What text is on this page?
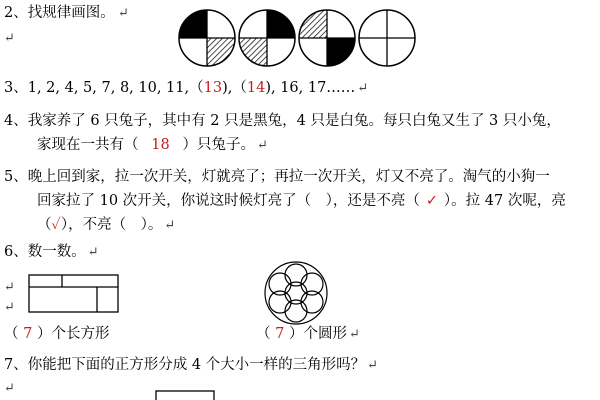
2、找规律画图。 ↵
↵
3、1, 2, 4, 5, 7, 8, 10, 11,（13),（14), 16, 17…… ↵
4、我家养了 6 只兔子，其中有 2 只是黑兔，4 只是白兔。每只白兔又生了 3 只小兔，
家现在一共有（ 18 ）只兔子。 ↵
5、晚上回到家，拉一次开关，灯就亮了；再拉一次开关，灯又不亮了。淘气的小狗一
回家拉了 10 次开关，你说这时候灯亮了（　），还是不亮（ ✓ ）。拉 47 次呢，亮
（✓），不亮（　）。 ↵
6、数一数。 ↵
↵
↵
（ 7 ）个长方形	（ 7 ）个圆形 ↵
7、你能把下面的正方形分成 4 个大小一样的三角形吗？ ↵
↵
